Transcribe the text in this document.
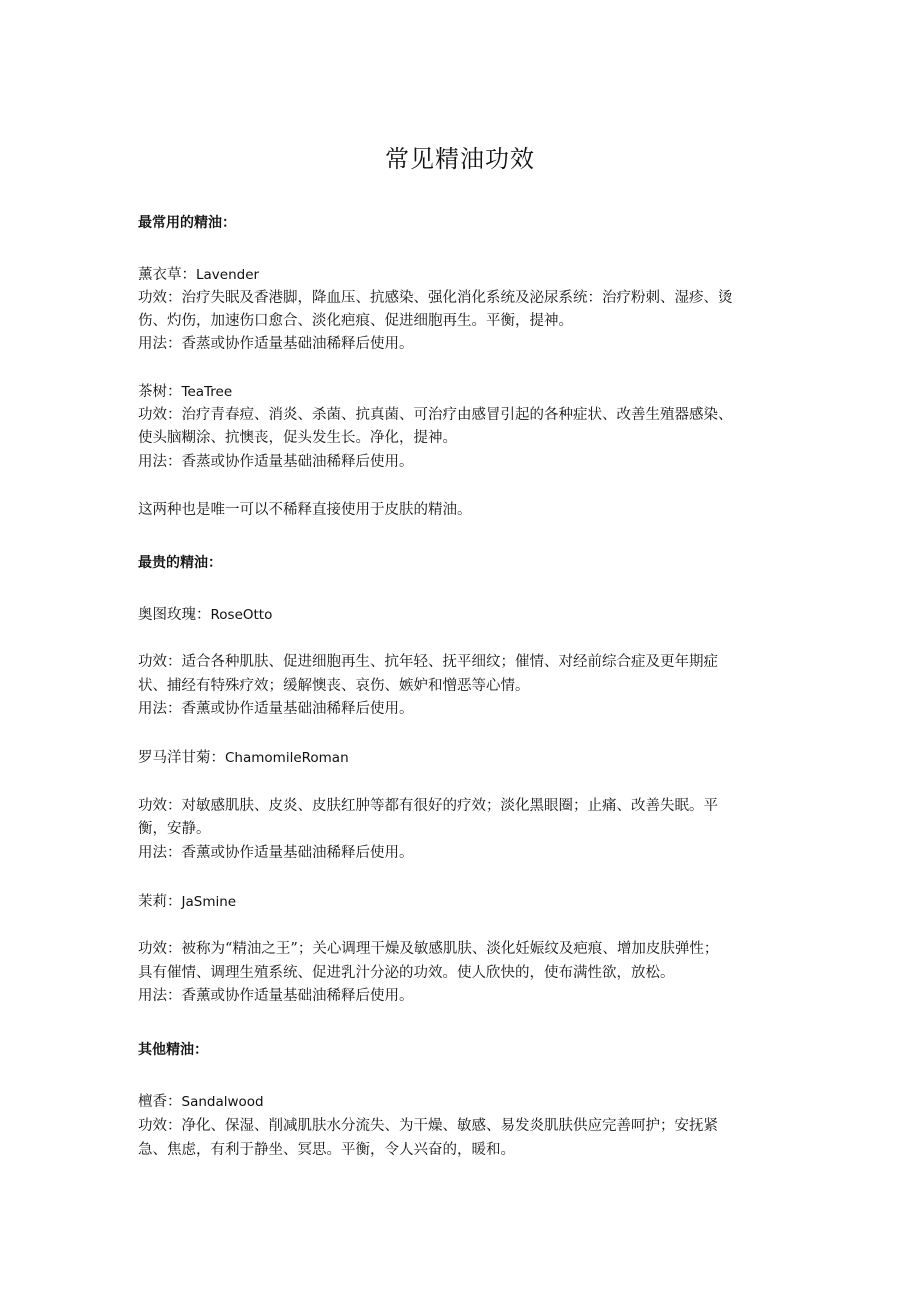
常见精油功效
最常用的精油：
薰衣草：Lavender
功效：治疗失眠及香港脚，降血压、抗感染、强化消化系统及泌尿系统：治疗粉刺、湿疹、烫
伤、灼伤，加速伤口愈合、淡化疤痕、促进细胞再生。平衡，提神。
用法：香蒸或协作适量基础油稀释后使用。
茶树：TeaTree
功效：治疗青春痘、消炎、杀菌、抗真菌、可治疗由感冒引起的各种症状、改善生殖器感染、
使头脑糊涂、抗懊丧，促头发生长。净化，提神。
用法：香蒸或协作适量基础油稀释后使用。
这两种也是唯一可以不稀释直接使用于皮肤的精油。
最贵的精油：
奥图玫瑰：RoseOtto
功效：适合各种肌肤、促进细胞再生、抗年轻、抚平细纹；催情、对经前综合症及更年期症
状、捕经有特殊疗效；缓解懊丧、哀伤、嫉妒和憎恶等心情。
用法：香薰或协作适量基础油稀释后使用。
罗马洋甘菊：ChamomileRoman
功效：对敏感肌肤、皮炎、皮肤红肿等都有很好的疗效；淡化黑眼圈；止痛、改善失眠。平
衡，安静。
用法：香薰或协作适量基础油稀释后使用。
茉莉：JaSmine
功效：被称为“精油之王”；关心调理干燥及敏感肌肤、淡化妊娠纹及疤痕、增加皮肤弹性；
具有催情、调理生殖系统、促进乳汁分泌的功效。使人欣快的，使布满性欲，放松。
用法：香薰或协作适量基础油稀释后使用。
其他精油：
檀香：Sandalwood
功效：净化、保湿、削减肌肤水分流失、为干燥、敏感、易发炎肌肤供应完善呵护；安抚紧
急、焦虑，有利于静坐、冥思。平衡，令人兴奋的，暖和。
